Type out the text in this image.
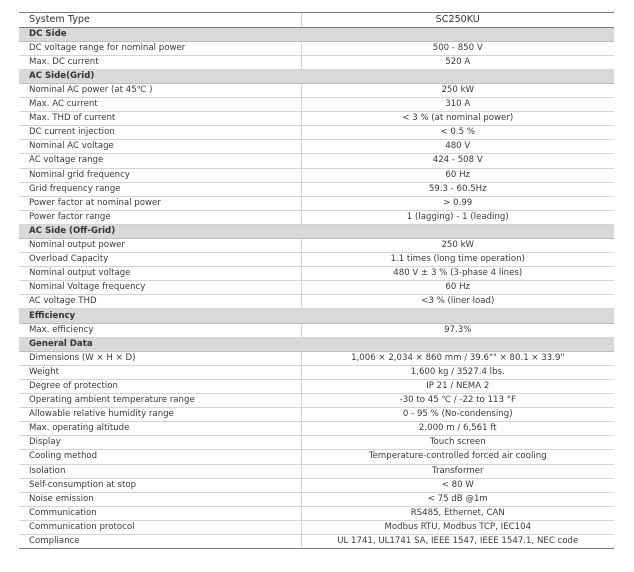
System Type	SC250KU
DC Side	
DC voltage range for nominal power	500 - 850 V
Max. DC current	520 A
AC Side(Grid)	
Nominal AC power (at 45℃ )	250 kW
Max. AC current	310 A
Max. THD of current	< 3 % (at nominal power)
DC current injection	< 0.5 %
Nominal AC voltage	480 V
AC voltage range	424 - 508 V
Nominal grid frequency	60 Hz
Grid frequency range	59.3 - 60.5Hz
Power factor at nominal power	> 0.99
Power factor range	1 (lagging) - 1 (leading)
AC Side (Off-Grid)	
Nominal output power	250 kW
Overload Capacity	1.1 times (long time operation)
Nominal output voltage	480 V ± 3 % (3-phase 4 lines)
Nominal Voltage frequency	60 Hz
AC voltage THD	<3 % (liner load)
Efficiency	
Max. efficiency	97.3%
General Data	
Dimensions (W × H × D)	1,006 × 2,034 × 860 mm / 39.6"" × 80.1 × 33.9"
Weight	1,600 kg / 3527.4 lbs.
Degree of protection	IP 21 / NEMA 2
Operating ambient temperature range	-30 to 45 ℃ / -22 to 113 °F
Allowable relative humidity range	0 - 95 % (No-condensing)
Max. operating altitude	2,000 m / 6,561 ft
Display	Touch screen
Cooling method	Temperature-controlled forced air cooling
Isolation	Transformer
Self-consumption at stop	< 80 W
Noise emission	< 75 dB @1m
Communication	RS485, Ethernet, CAN
Communication protocol	Modbus RTU, Modbus TCP, IEC104
Compliance	UL 1741, UL1741 SA, IEEE 1547, IEEE 1547.1, NEC code
